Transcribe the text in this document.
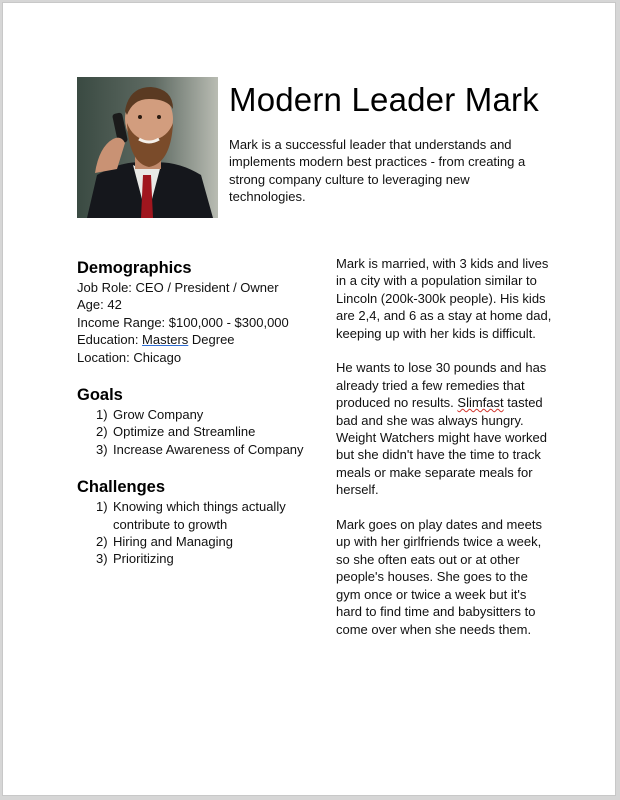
Modern Leader Mark
Mark is a successful leader that understands and implements modern best practices - from creating a strong company culture to leveraging new technologies.
Demographics
Job Role: CEO / President / Owner
Age: 42
Income Range: $100,000 - $300,000
Education: Masters Degree
Location: Chicago
Goals
1) Grow Company
2) Optimize and Streamline
3) Increase Awareness of Company
Challenges
1) Knowing which things actually contribute to growth
2) Hiring and Managing
3) Prioritizing

Mark is married, with 3 kids and lives in a city with a population similar to Lincoln (200k-300k people). His kids are 2,4, and 6 as a stay at home dad, keeping up with her kids is difficult.

He wants to lose 30 pounds and has already tried a few remedies that produced no results. Slimfast tasted bad and she was always hungry. Weight Watchers might have worked but she didn't have the time to track meals or make separate meals for herself.

Mark goes on play dates and meets up with her girlfriends twice a week, so she often eats out or at other people's houses. She goes to the gym once or twice a week but it's hard to find time and babysitters to come over when she needs them.
